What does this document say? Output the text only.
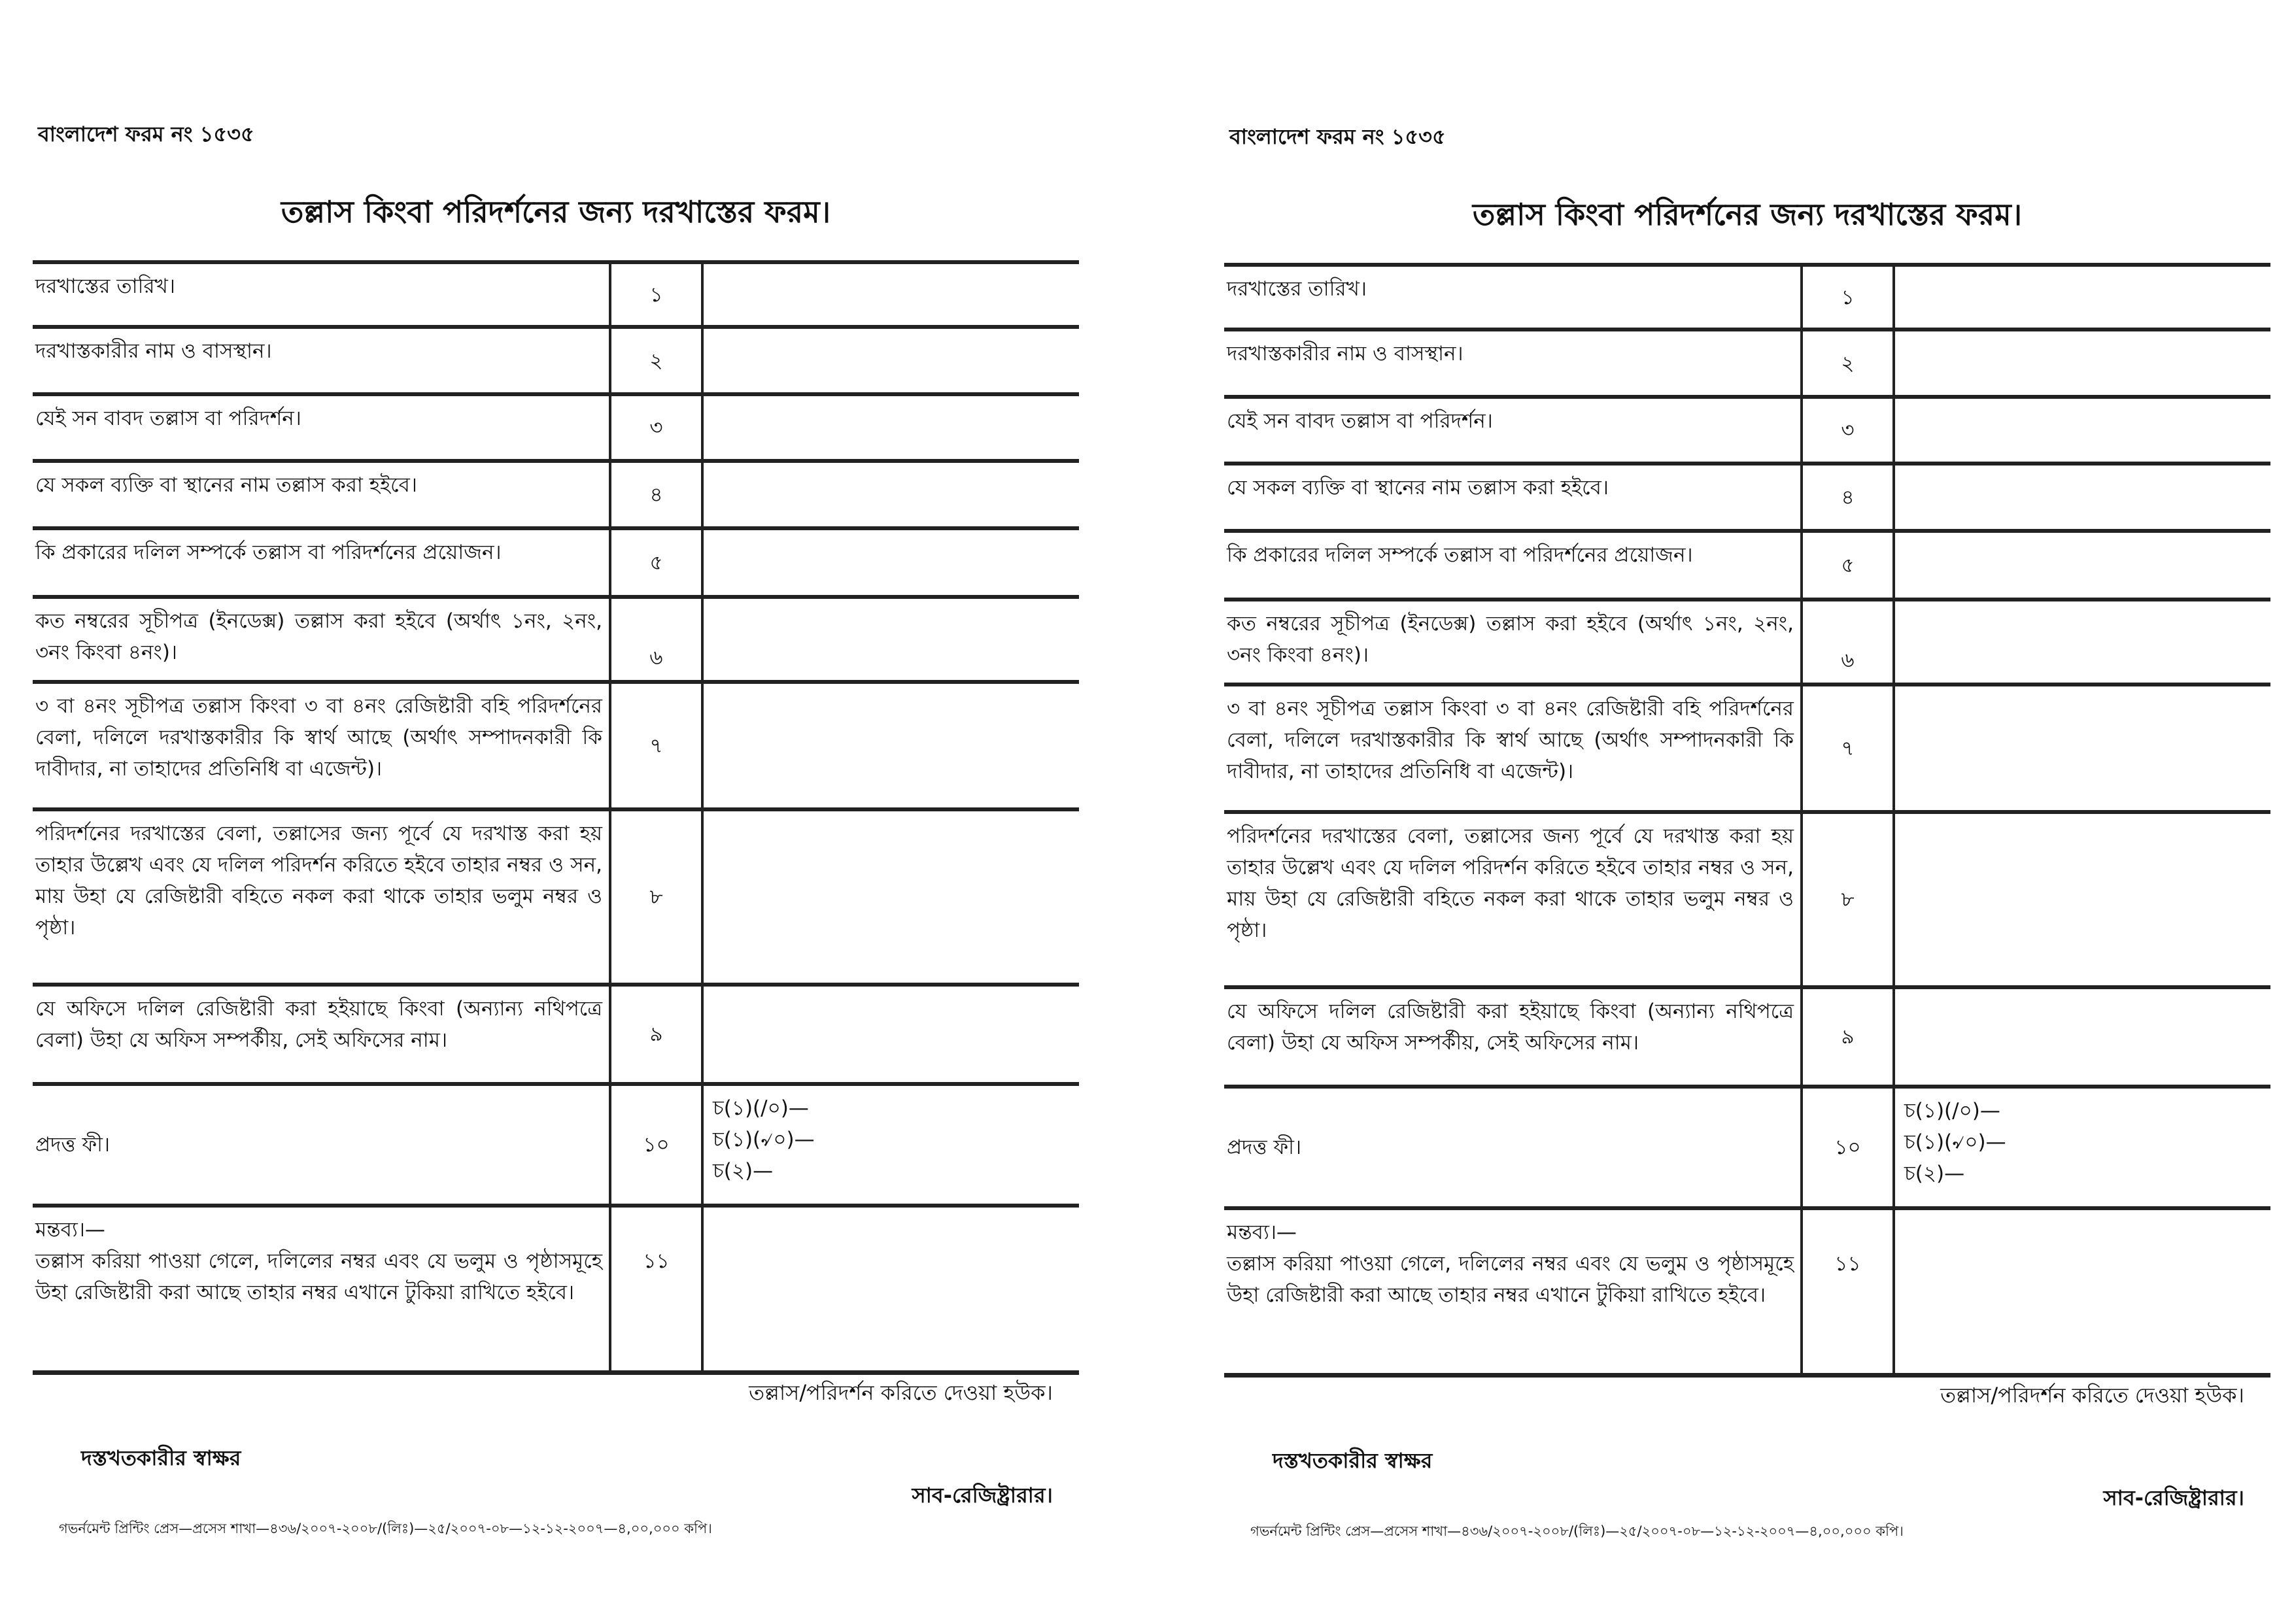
বাংলাদেশ ফরম নং ১৫৩৫
তল্লাস কিংবা পরিদর্শনের জন্য দরখাস্তের ফরম।
দরখাস্তের তারিখ।	১	

দরখাস্তকারীর নাম ও বাসস্থান।	২	

যেই সন বাবদ তল্লাস বা পরিদর্শন।	৩	

যে সকল ব্যক্তি বা স্থানের নাম তল্লাস করা হইবে।	৪	

কি প্রকারের দলিল সম্পর্কে তল্লাস বা পরিদর্শনের প্রয়োজন।	৫	

কত নম্বরের সূচীপত্র (ইনডেক্স) তল্লাস করা হইবে (অর্থাৎ ১নং, ২নং, ৩নং কিংবা ৪নং)।	৬	

৩ বা ৪নং সূচীপত্র তল্লাস কিংবা ৩ বা ৪নং রেজিষ্টারী বহি পরিদর্শনের বেলা, দলিলে দরখাস্তকারীর কি স্বার্থ আছে (অর্থাৎ সম্পাদনকারী কি দাবীদার, না তাহাদের প্রতিনিধি বা এজেন্ট)।	৭	

পরিদর্শনের দরখাস্তের বেলা, তল্লাসের জন্য পূর্বে যে দরখাস্ত করা হয় তাহার উল্লেখ এবং যে দলিল পরিদর্শন করিতে হইবে তাহার নম্বর ও সন, মায় উহা যে রেজিষ্টারী বহিতে নকল করা থাকে তাহার ভলুম নম্বর ও পৃষ্ঠা।	৮	

যে অফিসে দলিল রেজিষ্টারী করা হইয়াছে কিংবা (অন্যান্য নথিপত্রে বেলা) উহা যে অফিস সম্পর্কীয়, সেই অফিসের নাম।	৯	

প্রদত্ত ফী।	১০	চ(১)(/০)—
চ(১)(৵০)—
চ(২)—

মন্তব্য।—
তল্লাস করিয়া পাওয়া গেলে, দলিলের নম্বর এবং যে ভলুম ও পৃষ্ঠাসমূহে উহা রেজিষ্টারী করা আছে তাহার নম্বর এখানে টুকিয়া রাখিতে হইবে।	১১	
তল্লাস/পরিদর্শন করিতে দেওয়া হউক।
দস্তখতকারীর স্বাক্ষর
সাব-রেজিষ্ট্রারার।
গভর্নমেন্ট প্রিন্টিং প্রেস—প্রসেস শাখা—৪৩৬/২০০৭-২০০৮/(লিঃ)—২৫/২০০৭-০৮—১২-১২-২০০৭—৪,০০,০০০ কপি।
বাংলাদেশ ফরম নং ১৫৩৫
তল্লাস কিংবা পরিদর্শনের জন্য দরখাস্তের ফরম।
দরখাস্তের তারিখ।	১	

দরখাস্তকারীর নাম ও বাসস্থান।	২	

যেই সন বাবদ তল্লাস বা পরিদর্শন।	৩	

যে সকল ব্যক্তি বা স্থানের নাম তল্লাস করা হইবে।	৪	

কি প্রকারের দলিল সম্পর্কে তল্লাস বা পরিদর্শনের প্রয়োজন।	৫	

কত নম্বরের সূচীপত্র (ইনডেক্স) তল্লাস করা হইবে (অর্থাৎ ১নং, ২নং, ৩নং কিংবা ৪নং)।	৬	

৩ বা ৪নং সূচীপত্র তল্লাস কিংবা ৩ বা ৪নং রেজিষ্টারী বহি পরিদর্শনের বেলা, দলিলে দরখাস্তকারীর কি স্বার্থ আছে (অর্থাৎ সম্পাদনকারী কি দাবীদার, না তাহাদের প্রতিনিধি বা এজেন্ট)।	৭	

পরিদর্শনের দরখাস্তের বেলা, তল্লাসের জন্য পূর্বে যে দরখাস্ত করা হয় তাহার উল্লেখ এবং যে দলিল পরিদর্শন করিতে হইবে তাহার নম্বর ও সন, মায় উহা যে রেজিষ্টারী বহিতে নকল করা থাকে তাহার ভলুম নম্বর ও পৃষ্ঠা।	৮	

যে অফিসে দলিল রেজিষ্টারী করা হইয়াছে কিংবা (অন্যান্য নথিপত্রে বেলা) উহা যে অফিস সম্পর্কীয়, সেই অফিসের নাম।	৯	

প্রদত্ত ফী।	১০	চ(১)(/০)—
চ(১)(৵০)—
চ(২)—

মন্তব্য।—
তল্লাস করিয়া পাওয়া গেলে, দলিলের নম্বর এবং যে ভলুম ও পৃষ্ঠাসমূহে উহা রেজিষ্টারী করা আছে তাহার নম্বর এখানে টুকিয়া রাখিতে হইবে।	১১	
তল্লাস/পরিদর্শন করিতে দেওয়া হউক।
দস্তখতকারীর স্বাক্ষর
সাব-রেজিষ্ট্রারার।
গভর্নমেন্ট প্রিন্টিং প্রেস—প্রসেস শাখা—৪৩৬/২০০৭-২০০৮/(লিঃ)—২৫/২০০৭-০৮—১২-১২-২০০৭—৪,০০,০০০ কপি।
